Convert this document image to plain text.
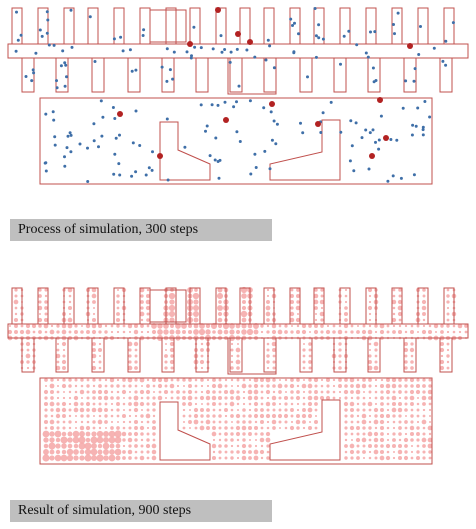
Process of simulation, 300 steps
Result of simulation, 900 steps
